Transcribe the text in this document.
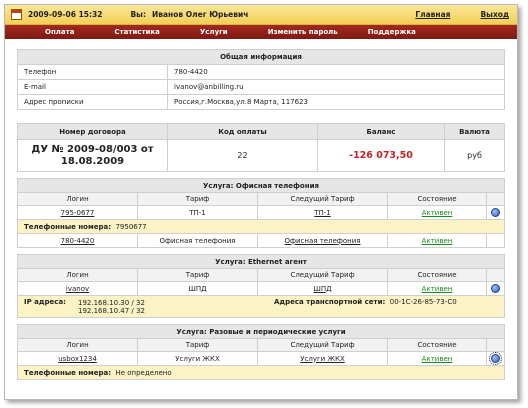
2009-09-06 15:32	Вы: Иванов Олег Юрьевич	Главная	Выход
Оплата	Статистика	Услуги	Изменить пароль	Поддержка
Общая информация	
Телефон	780-4420
E-mail	ivanov@anbilling.ru
Адрес прописки	Россия,г.Москва,ул.8 Марта, 117623
Номер договора	Код оплаты	Баланс	Валюта
ДУ № 2009-08/003 от
18.08.2009	22	-126 073,50	руб
Услуга: Офисная телефония				
Логин	Тариф	Следущий Тариф	Состояние	
795-0677	ТП-1	ТП-1	Активен	
Телефонные номера: 7950677				
780-4420	Офисная телефония	Офисная телефония	Активен	
Услуга: Ethernet агент				
Логин	Тариф	Следущий Тариф	Состояние	
ivanov	ШПД	ШПД	Активен	

IP адреса: 192.168.10.30 / 32
192.168.10.47 / 32
Адреса транспортной сети:
00-1C-26-85-73-C0				
Услуга: Разовые и периодические услуги				
Логин	Тариф	Следущий Тариф	Состояние	
usbox1234	Услуги ЖКХ	Услуги ЖКХ	Активен	
Телефонные номера: Не определено				
